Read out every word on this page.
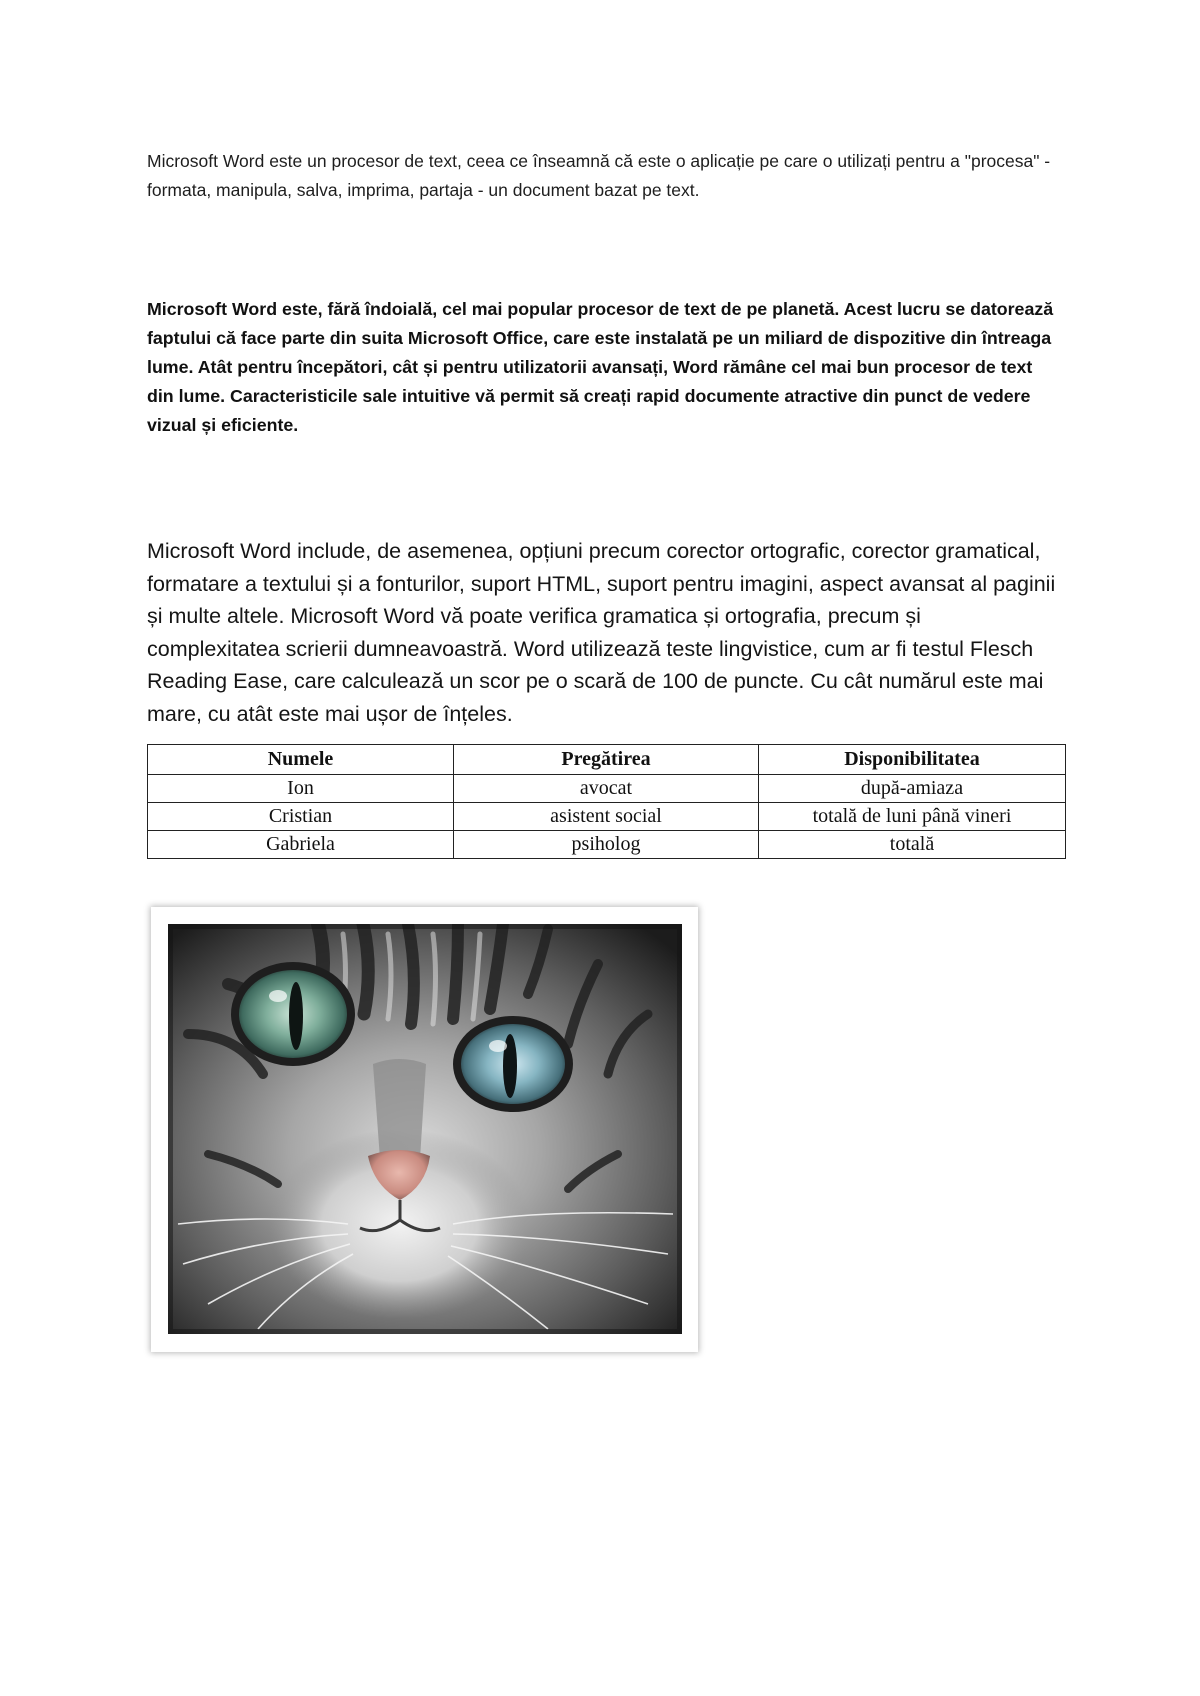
Microsoft Word este un procesor de text, ceea ce înseamnă că este o aplicație pe care o utilizați pentru a "procesa" - formata, manipula, salva, imprima, partaja - un document bazat pe text.

Microsoft Word este, fără îndoială, cel mai popular procesor de text de pe planetă. Acest lucru se datorează faptului că face parte din suita Microsoft Office, care este instalată pe un miliard de dispozitive din întreaga lume. Atât pentru începători, cât și pentru utilizatorii avansați, Word rămâne cel mai bun procesor de text din lume. Caracteristicile sale intuitive vă permit să creați rapid documente atractive din punct de vedere vizual și eficiente.

Microsoft Word include, de asemenea, opțiuni precum corector ortografic, corector gramatical, formatare a textului și a fonturilor, suport HTML, suport pentru imagini, aspect avansat al paginii și multe altele. Microsoft Word vă poate verifica gramatica și ortografia, precum și complexitatea scrierii dumneavoastră. Word utilizează teste lingvistice, cum ar fi testul Flesch Reading Ease, care calculează un scor pe o scară de 100 de puncte. Cu cât numărul este mai mare, cu atât este mai ușor de înțeles.

Numele	Pregătirea	Disponibilitatea
Ion	avocat	după-amiaza
Cristian	asistent social	totală de luni până vineri
Gabriela	psiholog	totală
